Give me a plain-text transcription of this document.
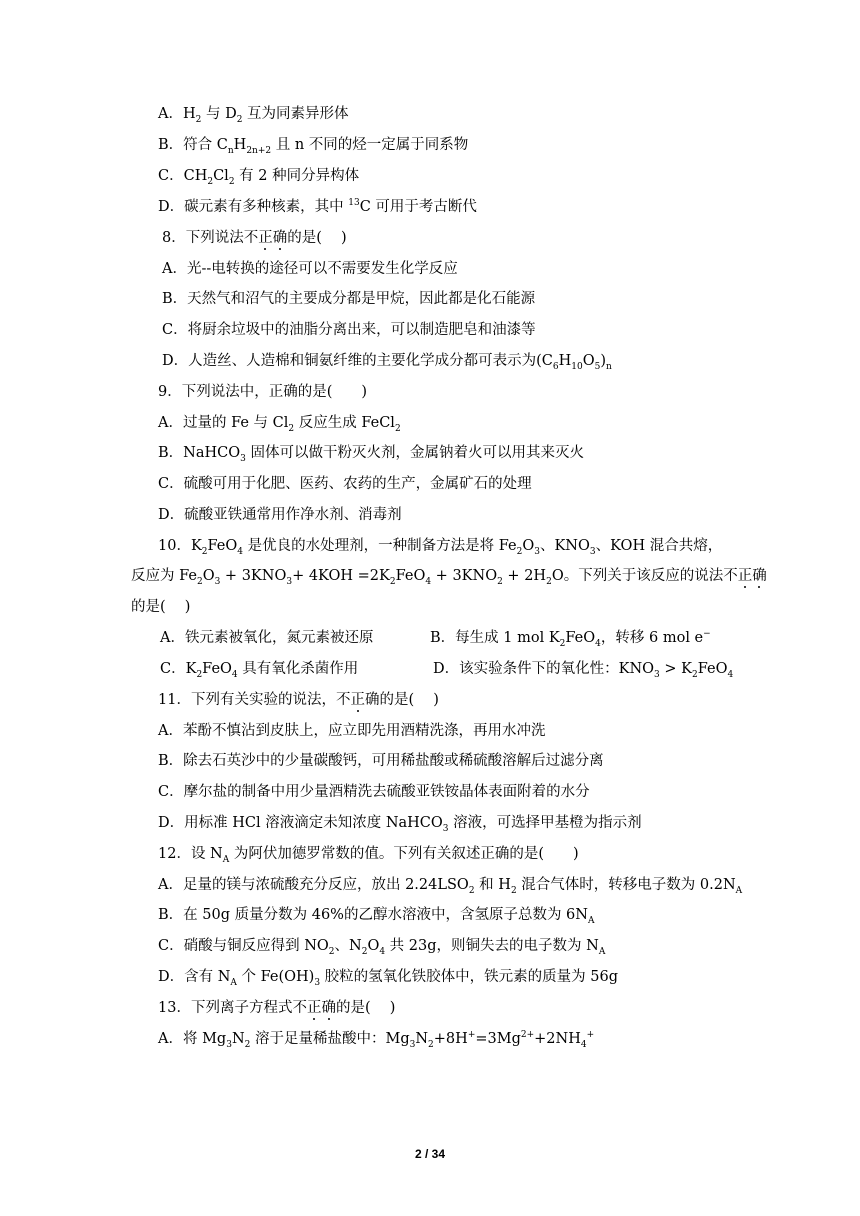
A．$H_2$ 与 $D_2$ 互为同素异形体
B．符合 $C_nH_{2n+2}$ 且 n 不同的烃一定属于同系物
C．$CH_2Cl_2$ 有 2 种同分异构体
D．碳元素有多种核素，其中 $^{13}$C 可用于考古断代
8．下列说法不正确的是(　 )
A．光--电转换的途径可以不需要发生化学反应
B．天然气和沼气的主要成分都是甲烷，因此都是化石能源
C．将厨余垃圾中的油脂分离出来，可以制造肥皂和油漆等
D．人造丝、人造棉和铜氨纤维的主要化学成分都可表示为$(C_6H_{10}O_5)_n$
9．下列说法中，正确的是(　　)
A．过量的 Fe 与 $Cl_2$ 反应生成 FeCl$_2$
B．NaHCO$_3$ 固体可以做干粉灭火剂，金属钠着火可以用其来灭火
C．硫酸可用于化肥、医药、农药的生产，金属矿石的处理
D．硫酸亚铁通常用作净水剂、消毒剂
10．$K_2FeO_4$ 是优良的水处理剂，一种制备方法是将 $Fe_2O_3$、$KNO_3$、KOH 混合共熔，
反应为 $Fe_2O_3 + 3KNO_3+ 4KOH =2K_2FeO_4 + 3KNO_2 + 2H_2O$。下列关于该反应的说法不正确
的是(　 )
A．铁元素被氧化，氮元素被还原	B．每生成 1 mol $K_2FeO_4$，转移 6 mol e−
C．$K_2FeO_4$ 具有氧化杀菌作用	D．该实验条件下的氧化性：$KNO_3 > K_2FeO_4$
11．下列有关实验的说法，不正确的是(　 )
A．苯酚不慎沾到皮肤上，应立即先用酒精洗涤，再用水冲洗
B．除去石英沙中的少量碳酸钙，可用稀盐酸或稀硫酸溶解后过滤分离
C．摩尔盐的制备中用少量酒精洗去硫酸亚铁铵晶体表面附着的水分
D．用标准 HCl 溶液滴定未知浓度 NaHCO$_3$ 溶液，可选择甲基橙为指示剂
12．设 $N_A$ 为阿伏加德罗常数的值。下列有关叙述正确的是(　　)
A．足量的镁与浓硫酸充分反应，放出 $2.24LSO_2$ 和 $H_2$ 混合气体时，转移电子数为 $0.2N_A$
B．在 50g 质量分数为 46%的乙醇水溶液中，含氢原子总数为 $6N_A$
C．硝酸与铜反应得到 $NO_2$、$N_2O_4$ 共 23g，则铜失去的电子数为 $N_A$
D．含有 $N_A$ 个 $Fe(OH)_3$ 胶粒的氢氧化铁胶体中，铁元素的质量为 56g
13．下列离子方程式不正确的是(　 )
A．将 $Mg_3N_2$ 溶于足量稀盐酸中：$Mg_3N_2+8H^+=3Mg^{2+}+2NH_4^+$
2 / 34
